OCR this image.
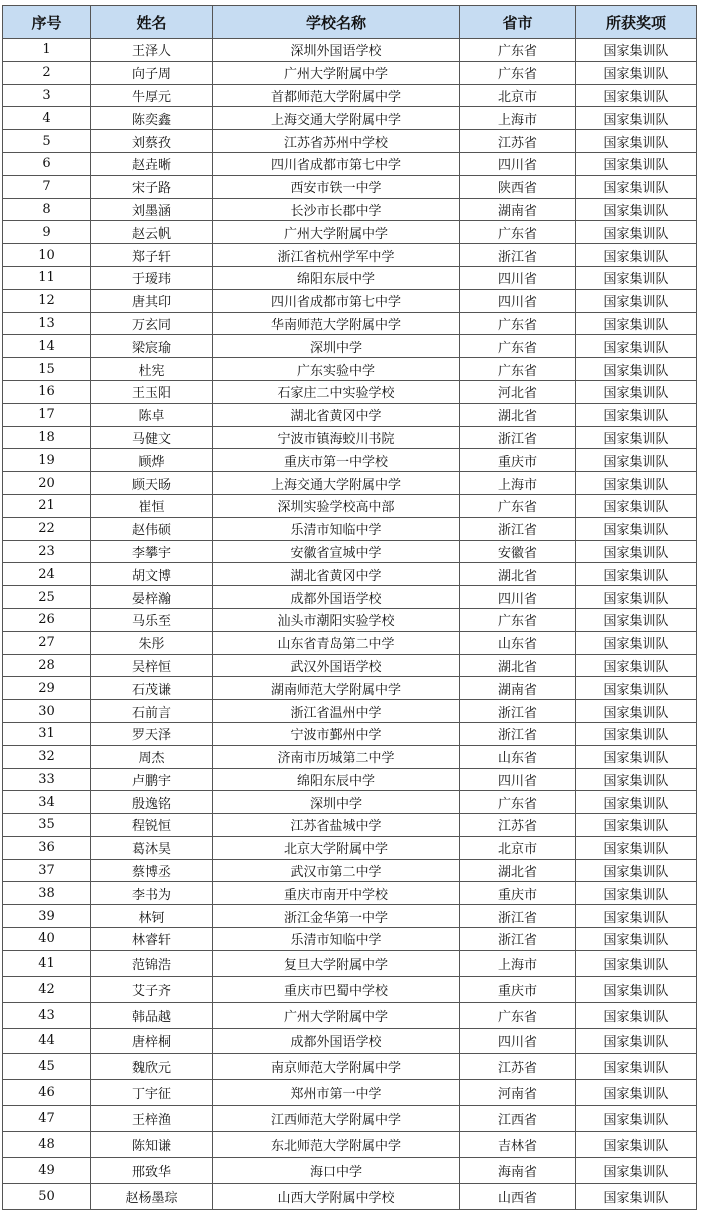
序号	姓名	学校名称	省市	所获奖项
1	王泽人	深圳外国语学校	广东省	国家集训队
2	向子周	广州大学附属中学	广东省	国家集训队
3	牛厚元	首都师范大学附属中学	北京市	国家集训队
4	陈奕鑫	上海交通大学附属中学	上海市	国家集训队
5	刘蔡孜	江苏省苏州中学校	江苏省	国家集训队
6	赵垚晰	四川省成都市第七中学	四川省	国家集训队
7	宋子路	西安市铁一中学	陕西省	国家集训队
8	刘墨涵	长沙市长郡中学	湖南省	国家集训队
9	赵云帆	广州大学附属中学	广东省	国家集训队
10	郑子轩	浙江省杭州学军中学	浙江省	国家集训队
11	于瑷玮	绵阳东辰中学	四川省	国家集训队
12	唐其印	四川省成都市第七中学	四川省	国家集训队
13	万玄同	华南师范大学附属中学	广东省	国家集训队
14	梁宸瑜	深圳中学	广东省	国家集训队
15	杜宪	广东实验中学	广东省	国家集训队
16	王玉阳	石家庄二中实验学校	河北省	国家集训队
17	陈卓	湖北省黄冈中学	湖北省	国家集训队
18	马健文	宁波市镇海蛟川书院	浙江省	国家集训队
19	顾烨	重庆市第一中学校	重庆市	国家集训队
20	顾天旸	上海交通大学附属中学	上海市	国家集训队
21	崔恒	深圳实验学校高中部	广东省	国家集训队
22	赵伟硕	乐清市知临中学	浙江省	国家集训队
23	李攀宇	安徽省宣城中学	安徽省	国家集训队
24	胡文博	湖北省黄冈中学	湖北省	国家集训队
25	晏梓瀚	成都外国语学校	四川省	国家集训队
26	马乐至	汕头市潮阳实验学校	广东省	国家集训队
27	朱彤	山东省青岛第二中学	山东省	国家集训队
28	吴梓恒	武汉外国语学校	湖北省	国家集训队
29	石茂谦	湖南师范大学附属中学	湖南省	国家集训队
30	石前言	浙江省温州中学	浙江省	国家集训队
31	罗天泽	宁波市鄞州中学	浙江省	国家集训队
32	周杰	济南市历城第二中学	山东省	国家集训队
33	卢鹏宇	绵阳东辰中学	四川省	国家集训队
34	殷逸铭	深圳中学	广东省	国家集训队
35	程锐恒	江苏省盐城中学	江苏省	国家集训队
36	葛沐昊	北京大学附属中学	北京市	国家集训队
37	蔡博丞	武汉市第二中学	湖北省	国家集训队
38	李书为	重庆市南开中学校	重庆市	国家集训队
39	林钶	浙江金华第一中学	浙江省	国家集训队
40	林睿轩	乐清市知临中学	浙江省	国家集训队
41	范锦浩	复旦大学附属中学	上海市	国家集训队
42	艾子齐	重庆市巴蜀中学校	重庆市	国家集训队
43	韩品越	广州大学附属中学	广东省	国家集训队
44	唐梓桐	成都外国语学校	四川省	国家集训队
45	魏欣元	南京师范大学附属中学	江苏省	国家集训队
46	丁宇征	郑州市第一中学	河南省	国家集训队
47	王梓渔	江西师范大学附属中学	江西省	国家集训队
48	陈知谦	东北师范大学附属中学	吉林省	国家集训队
49	邢致华	海口中学	海南省	国家集训队
50	赵杨墨琮	山西大学附属中学校	山西省	国家集训队
